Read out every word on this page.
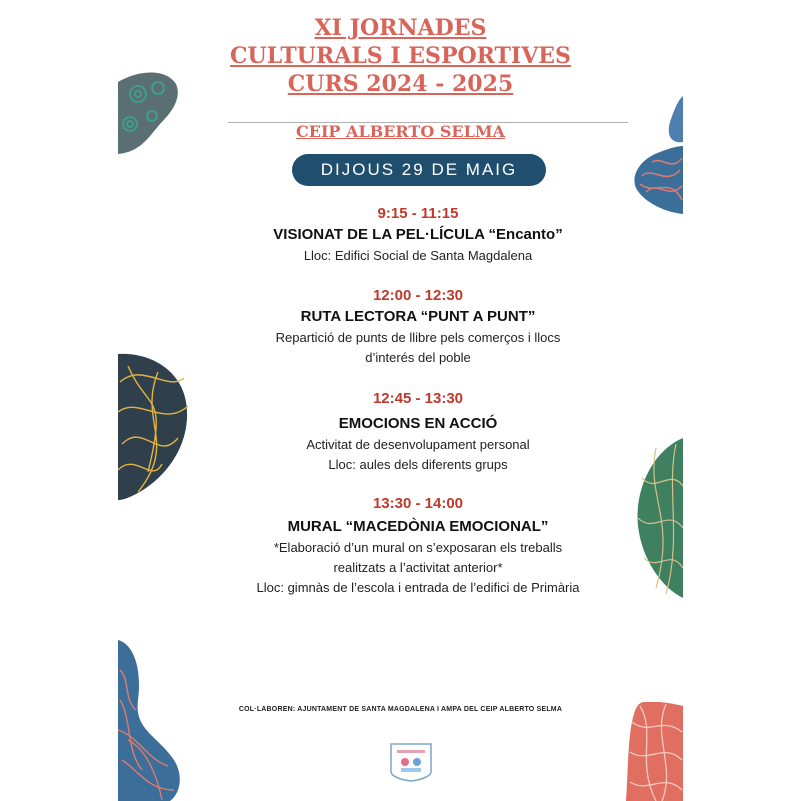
XI JORNADES
CULTURALS I ESPORTIVES
CURS 2024 - 2025
CEIP ALBERTO SELMA
DIJOUS 29 DE MAIG
9:15 - 11:15
VISIONAT DE LA PEL·LÍCULA “Encanto”
Lloc: Edifici Social de Santa Magdalena
12:00 - 12:30
RUTA LECTORA “PUNT A PUNT”
Repartició de punts de llibre pels comerços i llocs
d’interés del poble
12:45 - 13:30
EMOCIONS EN ACCIÓ
Activitat de desenvolupament personal
Lloc: aules dels diferents grups
13:30 - 14:00
MURAL “MACEDÒNIA EMOCIONAL”
*Elaboració d’un mural on s’exposaran els treballs
realitzats a l’activitat anterior*
Lloc: gimnàs de l’escola i entrada de l’edifici de Primària
COL·LABOREN: AJUNTAMENT DE SANTA MAGDALENA I AMPA DEL CEIP ALBERTO SELMA
